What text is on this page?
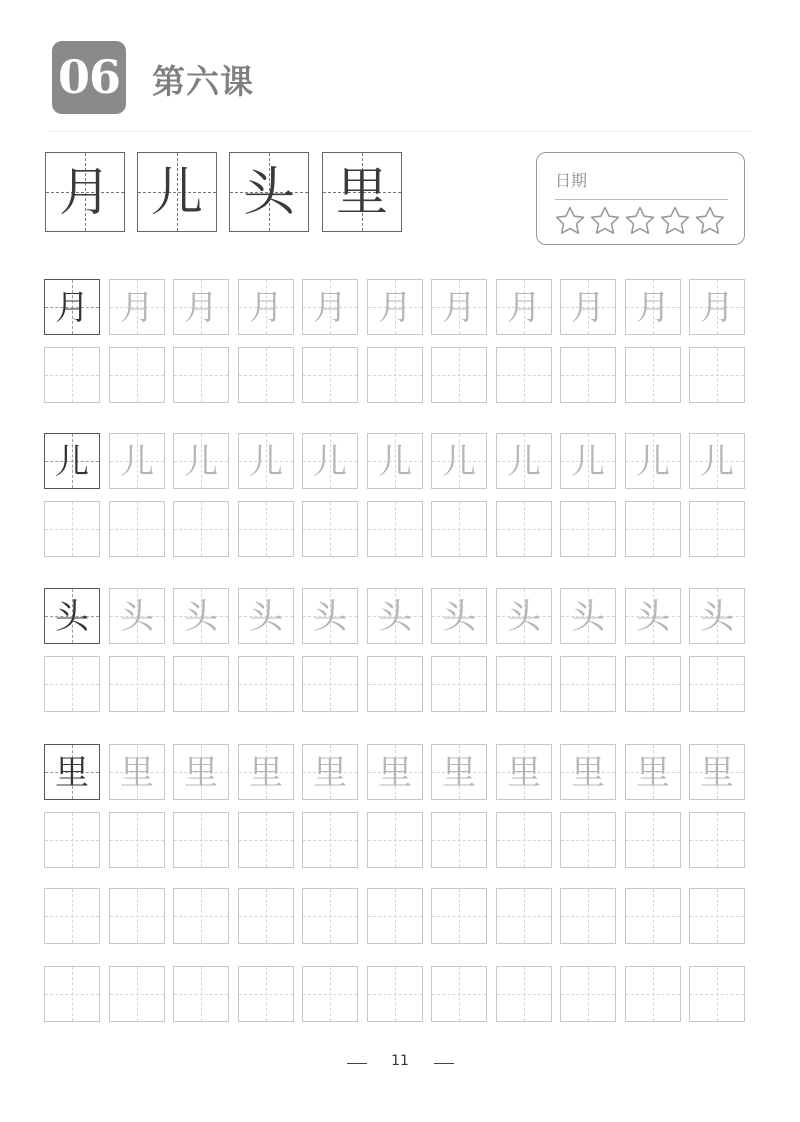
06 第六课
月 儿 头 里	日期
月 月 月 月 月 月 月 月 月 月 月
儿 儿 儿 儿 儿 儿 儿 儿 儿 儿 儿
头 头 头 头 头 头 头 头 头 头 头
里 里 里 里 里 里 里 里 里 里 里
11
